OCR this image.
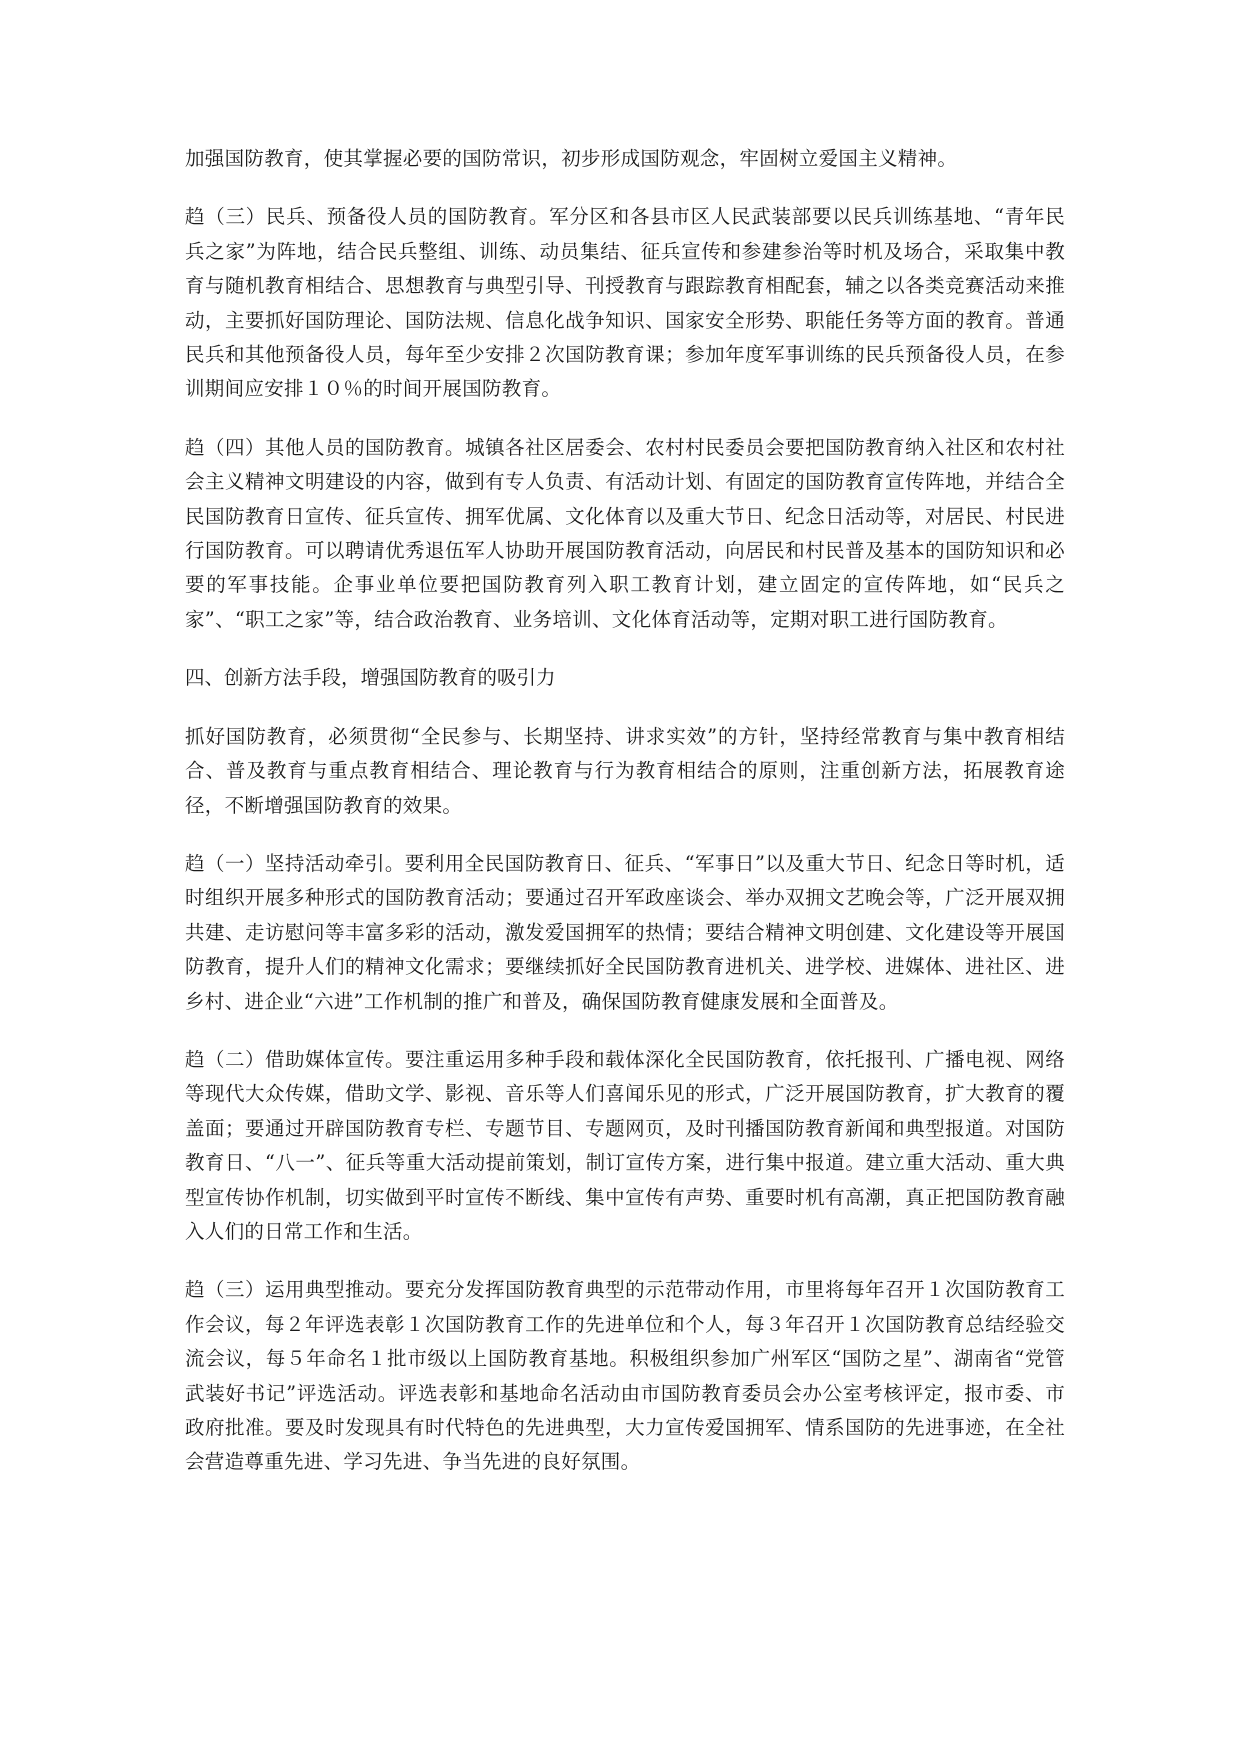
加强国防教育，使其掌握必要的国防常识，初步形成国防观念，牢固树立爱国主义精神。

趋（三）民兵、预备役人员的国防教育。军分区和各县市区人民武装部要以民兵训练基地、“青年民兵之家”为阵地，结合民兵整组、训练、动员集结、征兵宣传和参建参治等时机及场合，采取集中教育与随机教育相结合、思想教育与典型引导、刊授教育与跟踪教育相配套，辅之以各类竞赛活动来推动，主要抓好国防理论、国防法规、信息化战争知识、国家安全形势、职能任务等方面的教育。普通民兵和其他预备役人员，每年至少安排２次国防教育课；参加年度军事训练的民兵预备役人员，在参训期间应安排１０％的时间开展国防教育。

趋（四）其他人员的国防教育。城镇各社区居委会、农村村民委员会要把国防教育纳入社区和农村社会主义精神文明建设的内容，做到有专人负责、有活动计划、有固定的国防教育宣传阵地，并结合全民国防教育日宣传、征兵宣传、拥军优属、文化体育以及重大节日、纪念日活动等，对居民、村民进行国防教育。可以聘请优秀退伍军人协助开展国防教育活动，向居民和村民普及基本的国防知识和必要的军事技能。企事业单位要把国防教育列入职工教育计划，建立固定的宣传阵地，如“民兵之家”、“职工之家”等，结合政治教育、业务培训、文化体育活动等，定期对职工进行国防教育。

四、创新方法手段，增强国防教育的吸引力

抓好国防教育，必须贯彻“全民参与、长期坚持、讲求实效”的方针，坚持经常教育与集中教育相结合、普及教育与重点教育相结合、理论教育与行为教育相结合的原则，注重创新方法，拓展教育途径，不断增强国防教育的效果。

趋（一）坚持活动牵引。要利用全民国防教育日、征兵、“军事日”以及重大节日、纪念日等时机，适时组织开展多种形式的国防教育活动；要通过召开军政座谈会、举办双拥文艺晚会等，广泛开展双拥共建、走访慰问等丰富多彩的活动，激发爱国拥军的热情；要结合精神文明创建、文化建设等开展国防教育，提升人们的精神文化需求；要继续抓好全民国防教育进机关、进学校、进媒体、进社区、进乡村、进企业“六进”工作机制的推广和普及，确保国防教育健康发展和全面普及。

趋（二）借助媒体宣传。要注重运用多种手段和载体深化全民国防教育，依托报刊、广播电视、网络等现代大众传媒，借助文学、影视、音乐等人们喜闻乐见的形式，广泛开展国防教育，扩大教育的覆盖面；要通过开辟国防教育专栏、专题节目、专题网页，及时刊播国防教育新闻和典型报道。对国防教育日、“八一”、征兵等重大活动提前策划，制订宣传方案，进行集中报道。建立重大活动、重大典型宣传协作机制，切实做到平时宣传不断线、集中宣传有声势、重要时机有高潮，真正把国防教育融入人们的日常工作和生活。

趋（三）运用典型推动。要充分发挥国防教育典型的示范带动作用，市里将每年召开１次国防教育工作会议，每２年评选表彰１次国防教育工作的先进单位和个人，每３年召开１次国防教育总结经验交流会议，每５年命名１批市级以上国防教育基地。积极组织参加广州军区“国防之星”、湖南省“党管武装好书记”评选活动。评选表彰和基地命名活动由市国防教育委员会办公室考核评定，报市委、市政府批准。要及时发现具有时代特色的先进典型，大力宣传爱国拥军、情系国防的先进事迹，在全社会营造尊重先进、学习先进、争当先进的良好氛围。
